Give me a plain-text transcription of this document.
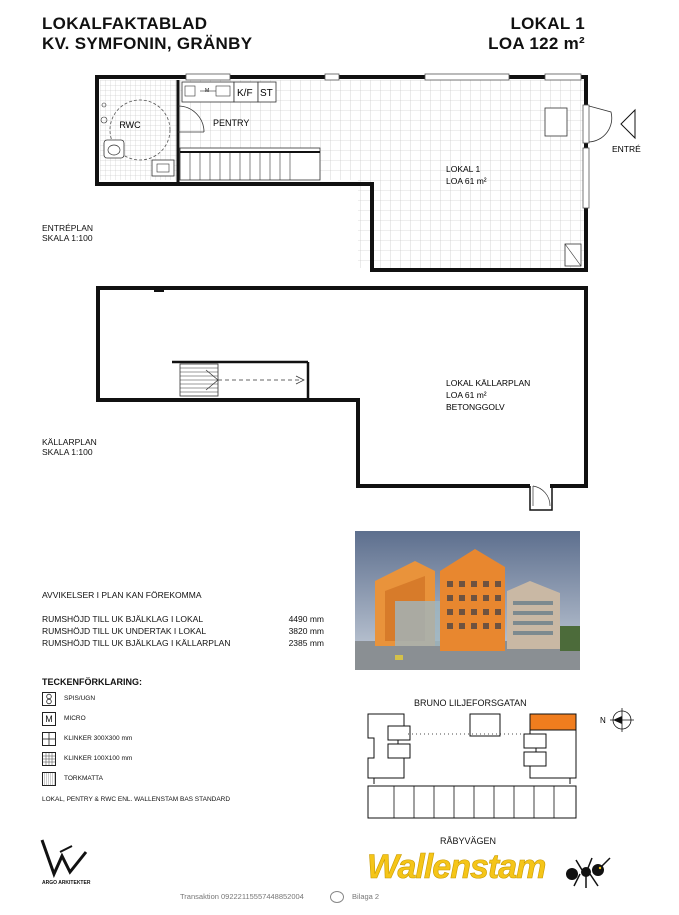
LOKALFAKTABLAD
KV. SYMFONIN, GRÄNBY
LOKAL 1
LOA 122 m²
RWC	PENTRY
M	K/F ST
LOKAL 1
LOA 61 m²
ENTRÉ
ENTRÉPLAN
SKALA 1:100
LOKAL KÄLLARPLAN
LOA 61 m²
BETONGGOLV
KÄLLARPLAN
SKALA 1:100
AVVIKELSER I PLAN KAN FÖREKOMMA
RUMSHÖJD TILL UK BJÄLKLAG I LOKAL	4490 mm
RUMSHÖJD TILL UK UNDERTAK I LOKAL	3820 mm
RUMSHÖJD TILL UK BJÄLKLAG I KÄLLARPLAN	2385 mm
TECKENFÖRKLARING:
SPIS/UGN
M	MICRO
KLINKER 300X300 mm
KLINKER 100X100 mm
TORKMATTA
LOKAL, PENTRY & RWC ENL. WALLENSTAM BAS STANDARD
BRUNO LILJEFORSGATAN
N
RÅBYVÄGEN
ARGO ARKITEKTER
Transaktion 09222115557448852004	Bilaga 2
Wallenstam
